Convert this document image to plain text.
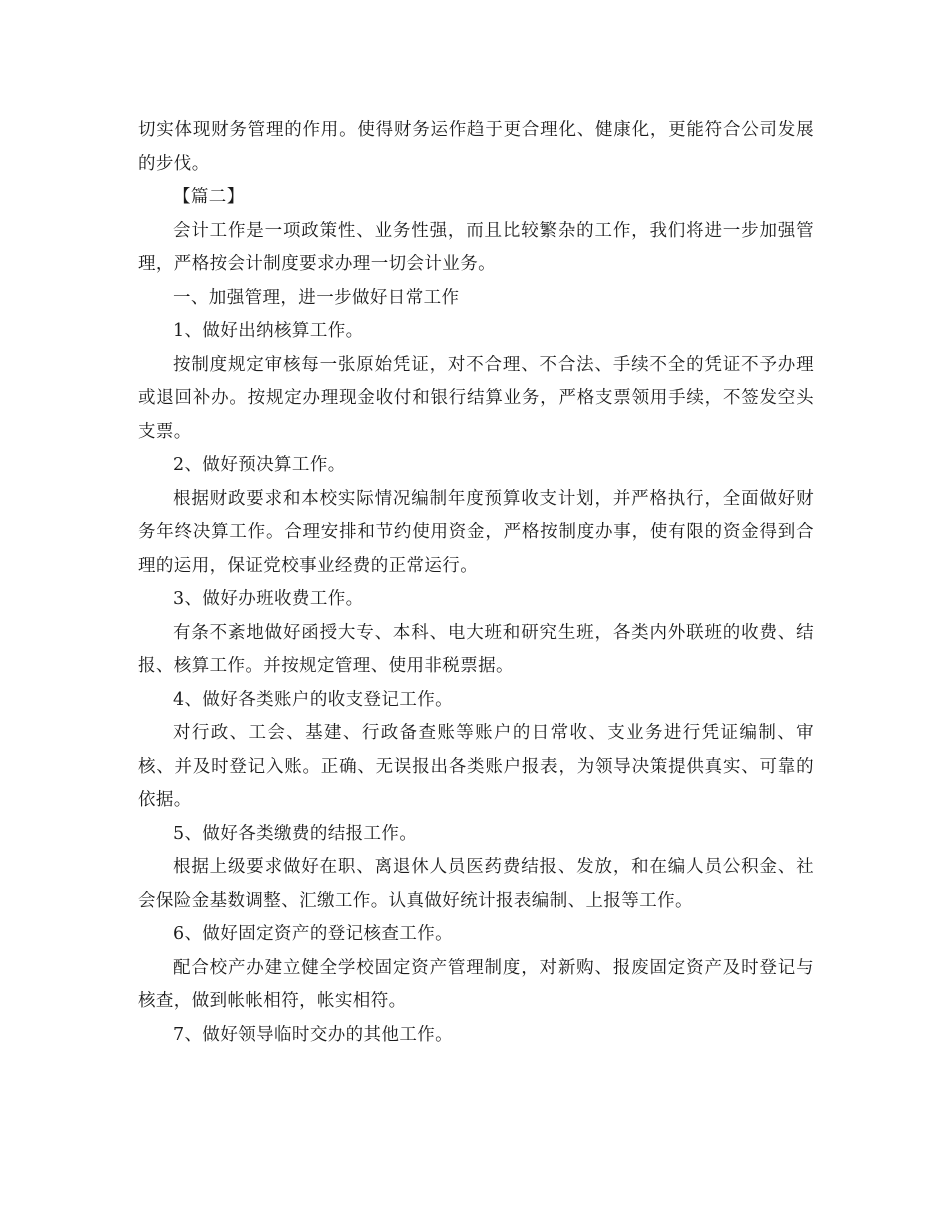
切实体现财务管理的作用。使得财务运作趋于更合理化、健康化，更能符合公司发展的步伐。

【篇二】

会计工作是一项政策性、业务性强，而且比较繁杂的工作，我们将进一步加强管理，严格按会计制度要求办理一切会计业务。

一、加强管理，进一步做好日常工作

1、做好出纳核算工作。

按制度规定审核每一张原始凭证，对不合理、不合法、手续不全的凭证不予办理或退回补办。按规定办理现金收付和银行结算业务，严格支票领用手续，不签发空头支票。

2、做好预决算工作。

根据财政要求和本校实际情况编制年度预算收支计划，并严格执行，全面做好财务年终决算工作。合理安排和节约使用资金，严格按制度办事，使有限的资金得到合理的运用，保证党校事业经费的正常运行。

3、做好办班收费工作。

有条不紊地做好函授大专、本科、电大班和研究生班，各类内外联班的收费、结报、核算工作。并按规定管理、使用非税票据。

4、做好各类账户的收支登记工作。

对行政、工会、基建、行政备查账等账户的日常收、支业务进行凭证编制、审核、并及时登记入账。正确、无误报出各类账户报表，为领导决策提供真实、可靠的依据。

5、做好各类缴费的结报工作。

根据上级要求做好在职、离退休人员医药费结报、发放，和在编人员公积金、社会保险金基数调整、汇缴工作。认真做好统计报表编制、上报等工作。

6、做好固定资产的登记核查工作。

配合校产办建立健全学校固定资产管理制度，对新购、报废固定资产及时登记与核查，做到帐帐相符，帐实相符。

7、做好领导临时交办的其他工作。
